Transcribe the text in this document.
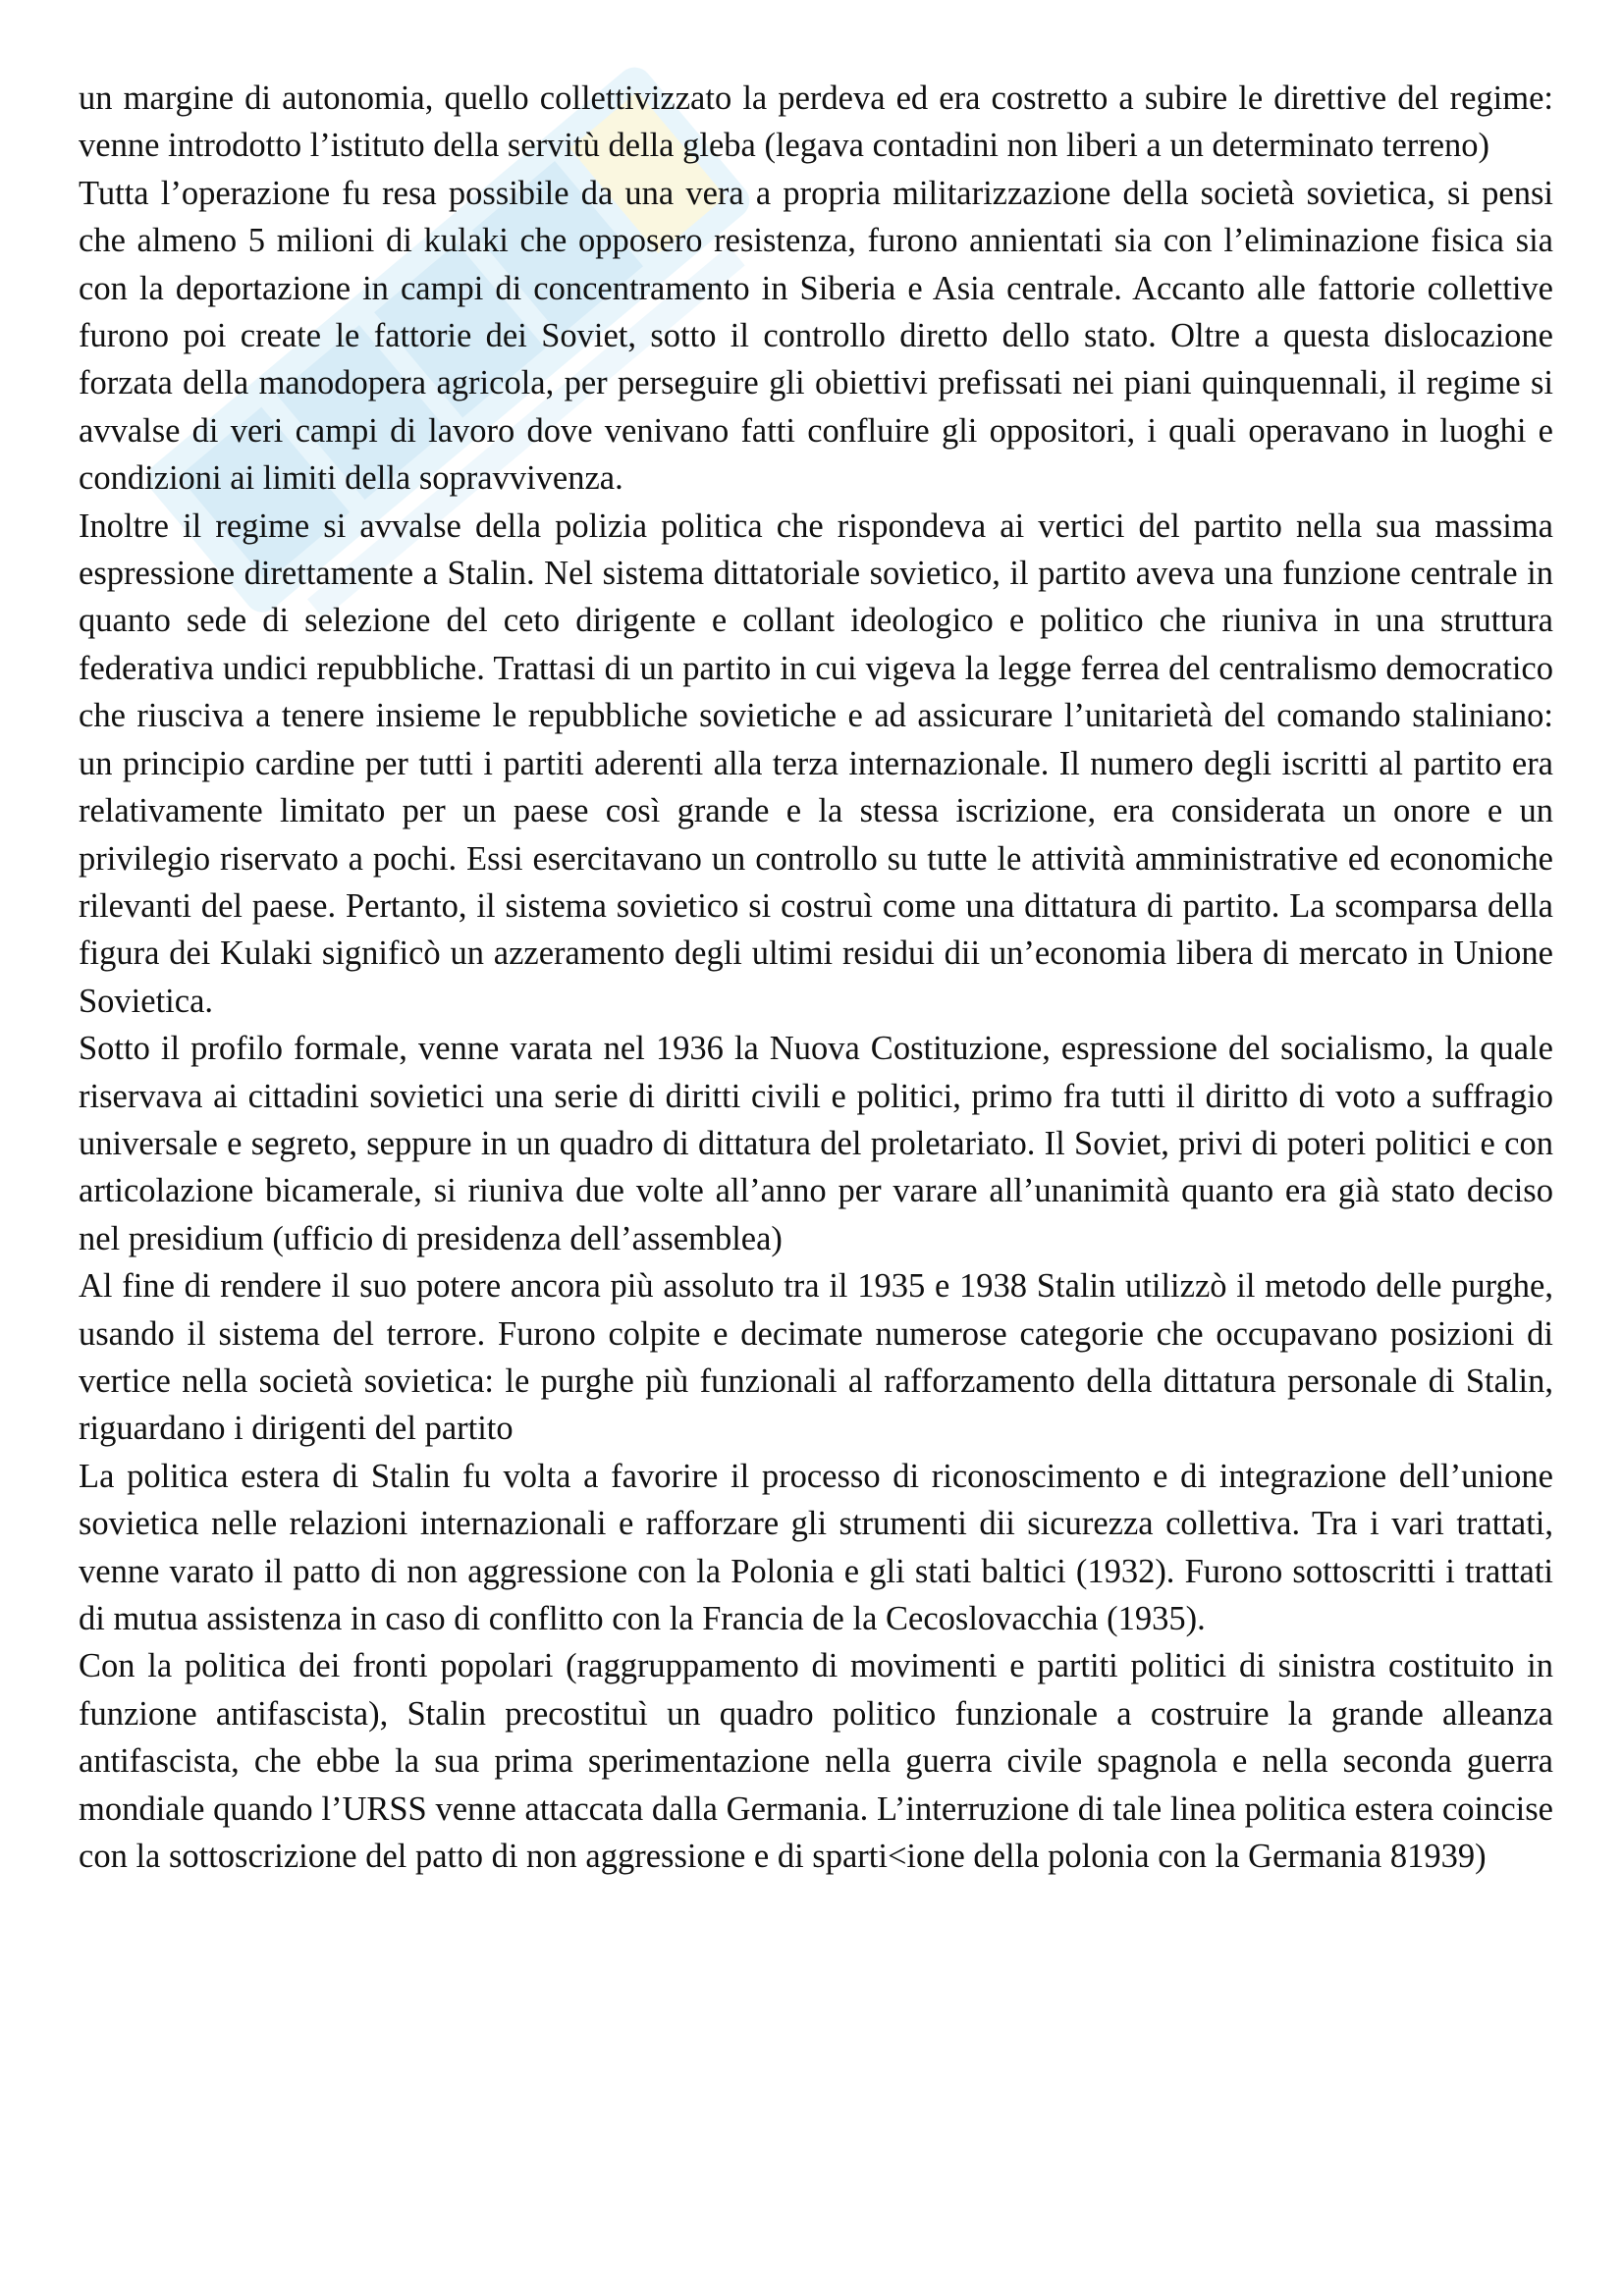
un margine di autonomia, quello collettivizzato la perdeva ed era costretto a subire le direttive del regime: venne introdotto l’istituto della servitù della gleba (legava contadini non liberi a un determinato terreno)

Tutta l’operazione fu resa possibile da una vera a propria militarizzazione della società sovietica, si pensi che almeno 5 milioni di kulaki che opposero resistenza, furono annientati sia con l’eliminazione fisica sia con la deportazione in campi di concentramento in Siberia e Asia centrale. Accanto alle fattorie collettive furono poi create le fattorie dei Soviet, sotto il controllo diretto dello stato. Oltre a questa dislocazione forzata della manodopera agricola, per perseguire gli obiettivi prefissati nei piani quinquennali, il regime si avvalse di veri campi di lavoro dove venivano fatti confluire gli oppositori, i quali operavano in luoghi e condizioni ai limiti della sopravvivenza.

Inoltre il regime si avvalse della polizia politica che rispondeva ai vertici del partito nella sua massima espressione direttamente a Stalin. Nel sistema dittatoriale sovietico, il partito aveva una funzione centrale in quanto sede di selezione del ceto dirigente e collant ideologico e politico che riuniva in una struttura federativa undici repubbliche. Trattasi di un partito in cui vigeva la legge ferrea del centralismo democratico che riusciva a tenere insieme le repubbliche sovietiche e ad assicurare l’unitarietà del comando staliniano: un principio cardine per tutti i partiti aderenti alla terza internazionale. Il numero degli iscritti al partito era relativamente limitato per un paese così grande e la stessa iscrizione, era considerata un onore e un privilegio riservato a pochi. Essi esercitavano un controllo su tutte le attività amministrative ed economiche rilevanti del paese. Pertanto, il sistema sovietico si costruì come una dittatura di partito. La scomparsa della figura dei Kulaki significò un azzeramento degli ultimi residui dii un’economia libera di mercato in Unione Sovietica.

Sotto il profilo formale, venne varata nel 1936 la Nuova Costituzione, espressione del socialismo, la quale riservava ai cittadini sovietici una serie di diritti civili e politici, primo fra tutti il diritto di voto a suffragio universale e segreto, seppure in un quadro di dittatura del proletariato. Il Soviet, privi di poteri politici e con articolazione bicamerale, si riuniva due volte all’anno per varare all’unanimità quanto era già stato deciso nel presidium (ufficio di presidenza dell’assemblea)

Al fine di rendere il suo potere ancora più assoluto tra il 1935 e 1938 Stalin utilizzò il metodo delle purghe, usando il sistema del terrore. Furono colpite e decimate numerose categorie che occupavano posizioni di vertice nella società sovietica: le purghe più funzionali al rafforzamento della dittatura personale di Stalin, riguardano i dirigenti del partito

La politica estera di Stalin fu volta a favorire il processo di riconoscimento e di integrazione dell’unione sovietica nelle relazioni internazionali e rafforzare gli strumenti dii sicurezza collettiva. Tra i vari trattati, venne varato il patto di non aggressione con la Polonia e gli stati baltici (1932). Furono sottoscritti i trattati di mutua assistenza in caso di conflitto con la Francia de la Cecoslovacchia (1935).

Con la politica dei fronti popolari (raggruppamento di movimenti e partiti politici di sinistra costituito in funzione antifascista), Stalin precostituì un quadro politico funzionale a costruire la grande alleanza antifascista, che ebbe la sua prima sperimentazione nella guerra civile spagnola e nella seconda guerra mondiale quando l’URSS venne attaccata dalla Germania. L’interruzione di tale linea politica estera coincise con la sottoscrizione del patto di non aggressione e di sparti<ione della polonia con la Germania 81939)
